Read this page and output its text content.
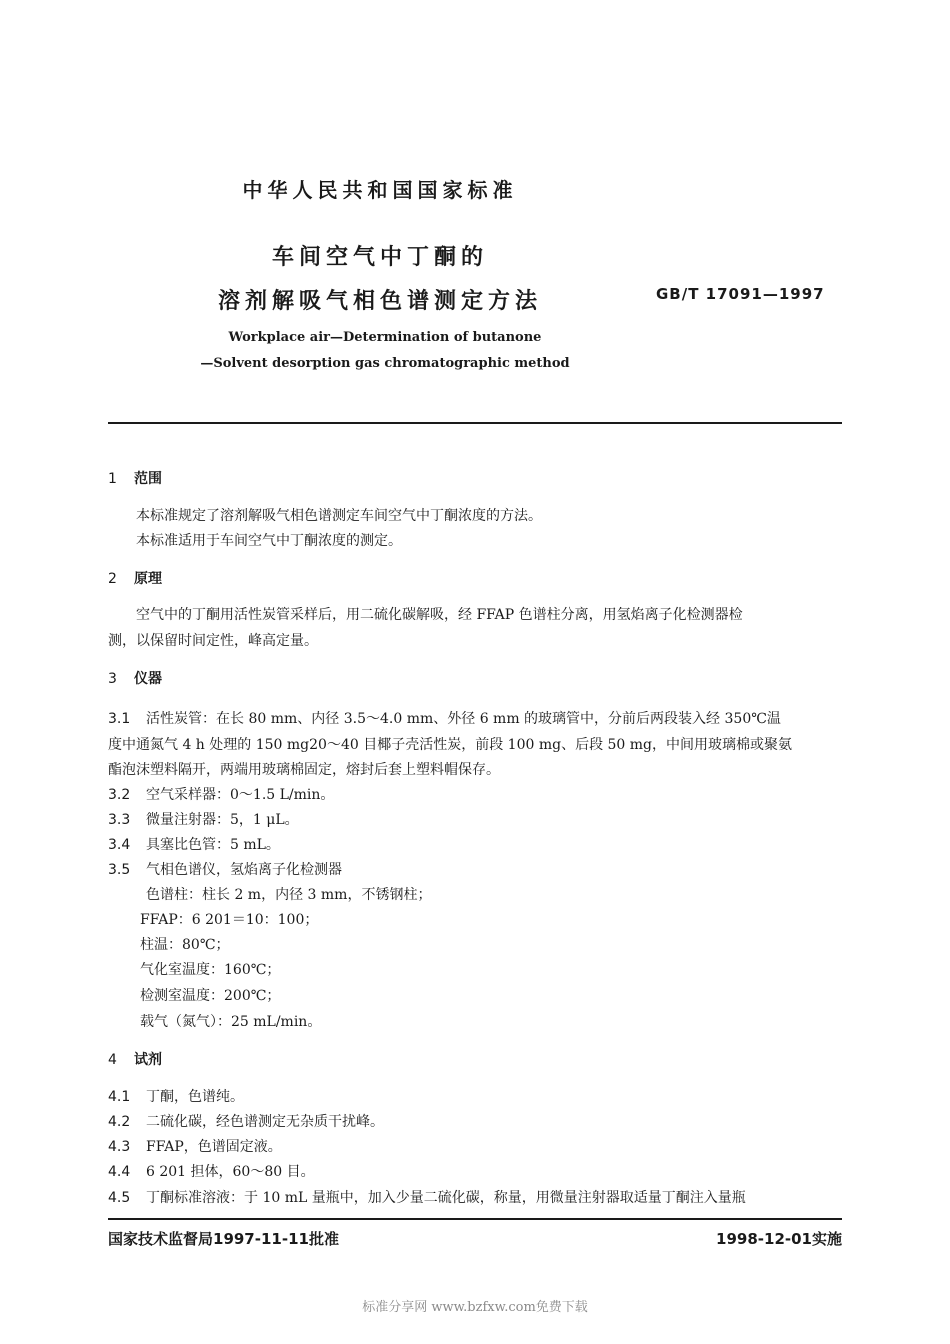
中华人民共和国国家标准
车间空气中丁酮的
溶剂解吸气相色谱测定方法	GB/T 17091—1997
Workplace air—Determination of butanone
—Solvent desorption gas chromatographic method
1 范围
本标准规定了溶剂解吸气相色谱测定车间空气中丁酮浓度的方法。
本标准适用于车间空气中丁酮浓度的测定。
2 原理
空气中的丁酮用活性炭管采样后，用二硫化碳解吸，经 FFAP 色谱柱分离，用氢焰离子化检测器检
测，以保留时间定性，峰高定量。
3 仪器
3.1 活性炭管：在长 80 mm、内径 3.5～4.0 mm、外径 6 mm 的玻璃管中，分前后两段装入经 350℃温
度中通氮气 4 h 处理的 150 mg20～40 目椰子壳活性炭，前段 100 mg、后段 50 mg，中间用玻璃棉或聚氨
酯泡沫塑料隔开，两端用玻璃棉固定，熔封后套上塑料帽保存。
3.2 空气采样器：0～1.5 L/min。
3.3 微量注射器：5，1 μL。
3.4 具塞比色管：5 mL。
3.5 气相色谱仪，氢焰离子化检测器
色谱柱：柱长 2 m，内径 3 mm，不锈钢柱；
FFAP：6 201＝10：100；
柱温：80℃；
气化室温度：160℃；
检测室温度：200℃；
载气（氮气）：25 mL/min。
4 试剂
4.1 丁酮，色谱纯。
4.2 二硫化碳，经色谱测定无杂质干扰峰。
4.3 FFAP，色谱固定液。
4.4 6 201 担体，60～80 目。
4.5 丁酮标准溶液：于 10 mL 量瓶中，加入少量二硫化碳，称量，用微量注射器取适量丁酮注入量瓶
国家技术监督局1997-11-11批准	1998-12-01实施
标准分享网 www.bzfxw.com免费下载
